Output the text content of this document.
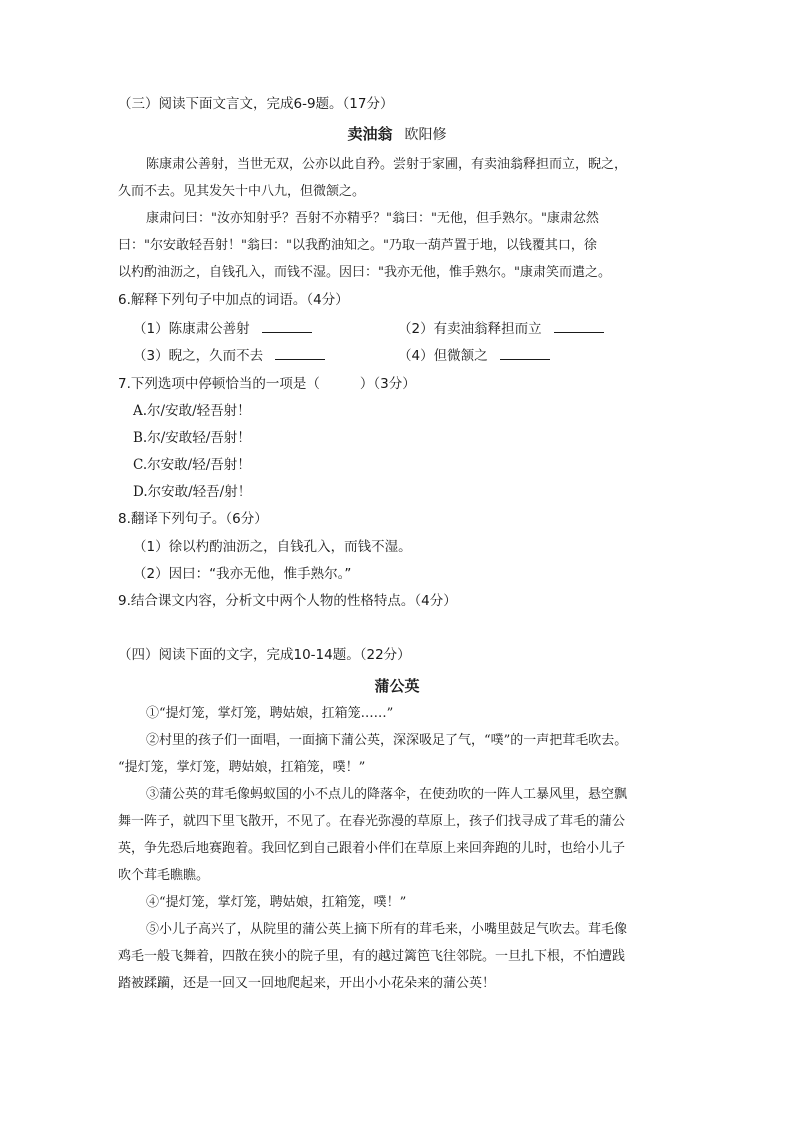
（三）阅读下面文言文，完成6-9题。（17分）
卖油翁 欧阳修
陈康肃公善射，当世无双，公亦以此自矜。尝射于家圃，有卖油翁释担而立，睨之，
久而不去。见其发矢十中八九，但微颔之。
康肃问曰："汝亦知射乎？吾射不亦精乎？"翁曰："无他，但手熟尔。"康肃忿然
曰："尔安敢轻吾射！"翁曰："以我酌油知之。"乃取一葫芦置于地，以钱覆其口，徐
以杓酌油沥之，自钱孔入，而钱不湿。因曰："我亦无他，惟手熟尔。"康肃笑而遣之。
6.解释下列句子中加点的词语。（4分）
（1）陈康肃公善射	（2）有卖油翁释担而立
（3）睨之，久而不去	（4）但微颔之
7.下列选项中停顿恰当的一项是（	）（3分）
A.尔/安敢/轻吾射！
B.尔/安敢轻/吾射！
C.尔安敢/轻/吾射！
D.尔安敢/轻吾/射！
8.翻译下列句子。（6分）
（1）徐以杓酌油沥之，自钱孔入，而钱不湿。
（2）因曰：“我亦无他，惟手熟尔。”
9.结合课文内容，分析文中两个人物的性格特点。（4分）
（四）阅读下面的文字，完成10-14题。（22分）
蒲公英
①“提灯笼，掌灯笼，聘姑娘，扛箱笼……”
②村里的孩子们一面唱，一面摘下蒲公英，深深吸足了气，“噗”的一声把茸毛吹去。
“提灯笼，掌灯笼，聘姑娘，扛箱笼，噗！”
③蒲公英的茸毛像蚂蚁国的小不点儿的降落伞，在使劲吹的一阵人工暴风里，悬空飘
舞一阵子，就四下里飞散开，不见了。在春光弥漫的草原上，孩子们找寻成了茸毛的蒲公
英，争先恐后地赛跑着。我回忆到自己跟着小伴们在草原上来回奔跑的儿时，也给小儿子
吹个茸毛瞧瞧。
④“提灯笼，掌灯笼，聘姑娘，扛箱笼，噗！”
⑤小儿子高兴了，从院里的蒲公英上摘下所有的茸毛来，小嘴里鼓足气吹去。茸毛像
鸡毛一般飞舞着，四散在狭小的院子里，有的越过篱笆飞往邻院。一旦扎下根，不怕遭践
踏被蹂躏，还是一回又一回地爬起来，开出小小花朵来的蒲公英！
